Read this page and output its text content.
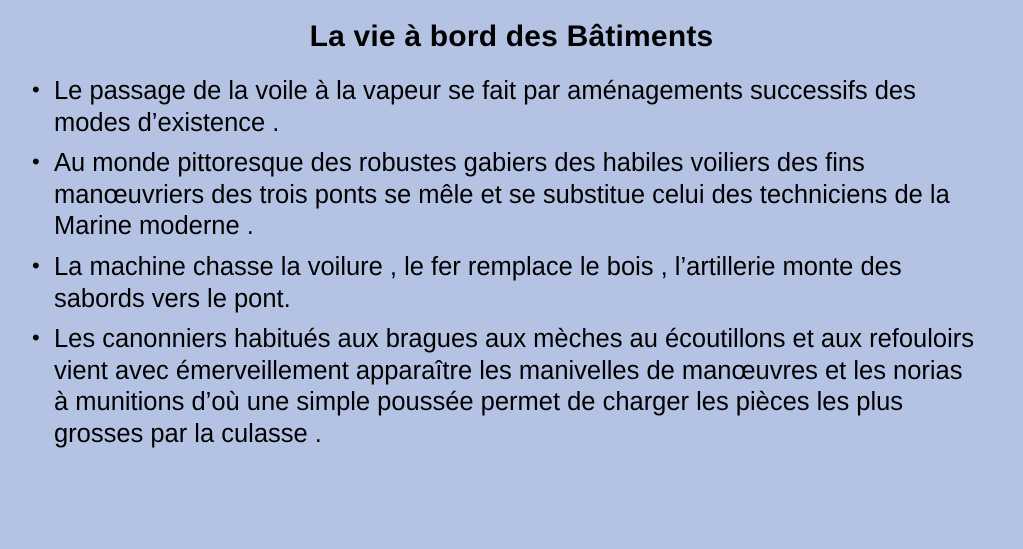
La vie à bord des Bâtiments
• Le passage de la voile à la vapeur se fait par aménagements successifs des modes d’existence .
• Au monde pittoresque des robustes gabiers des habiles voiliers des fins manœuvriers des trois ponts se mêle et se substitue celui des techniciens de la Marine moderne .
• La machine chasse la voilure , le fer remplace le bois , l’artillerie monte des sabords vers le pont.
• Les canonniers habitués aux bragues aux mèches au écoutillons et aux refouloirs vient avec émerveillement apparaître les manivelles de manœuvres et les norias à munitions d’où une simple poussée permet de charger les pièces les plus grosses par la culasse .
